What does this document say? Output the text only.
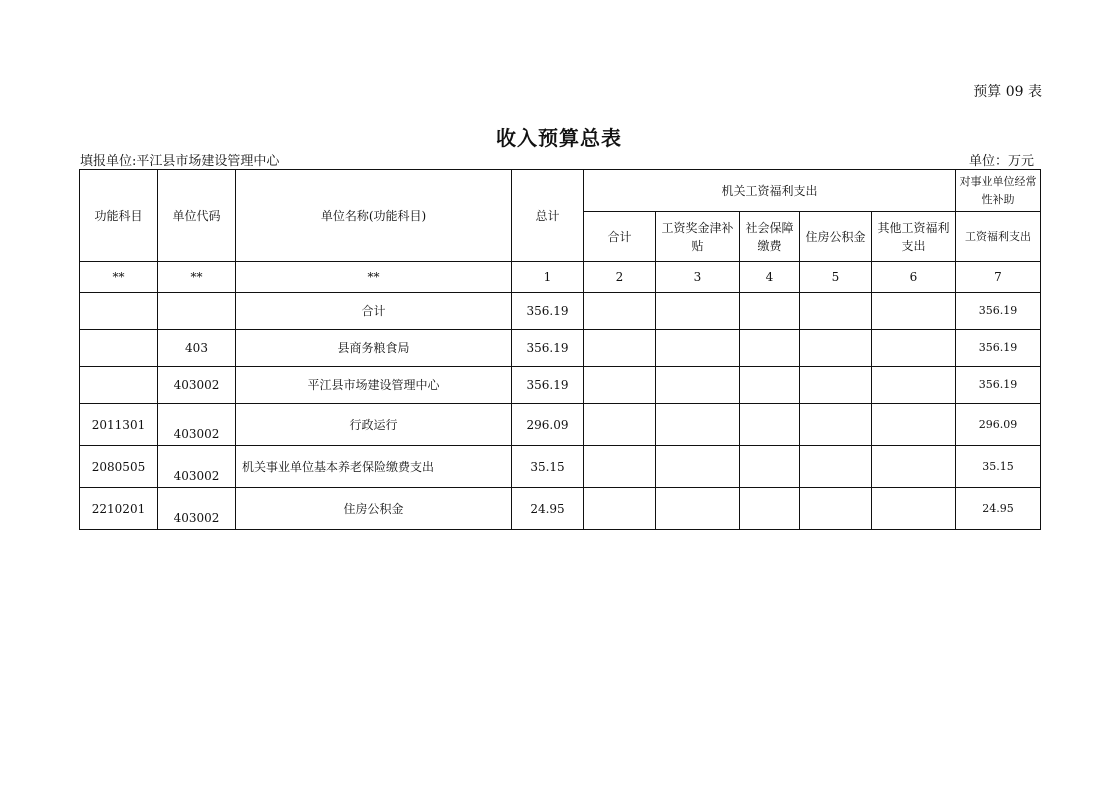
预算 09 表
收入预算总表
填报单位:平江县市场建设管理中心	单位：万元
功能科目	单位代码	单位名称(功能科目)	总计	机关工资福利支出					对事业单位经常性补助
				合计	工资奖金津补贴	社会保障缴费	住房公积金	其他工资福利支出	工资福利支出
**	**	**	1	2	3	4	5	6	7
		合计	356.19						356.19
	403	县商务粮食局	356.19						356.19
	403002	平江县市场建设管理中心	356.19						356.19
2011301	403002	行政运行	296.09						296.09
2080505	403002	机关事业单位基本养老保险缴费支出	35.15						35.15
2210201	403002	住房公积金	24.95						24.95
